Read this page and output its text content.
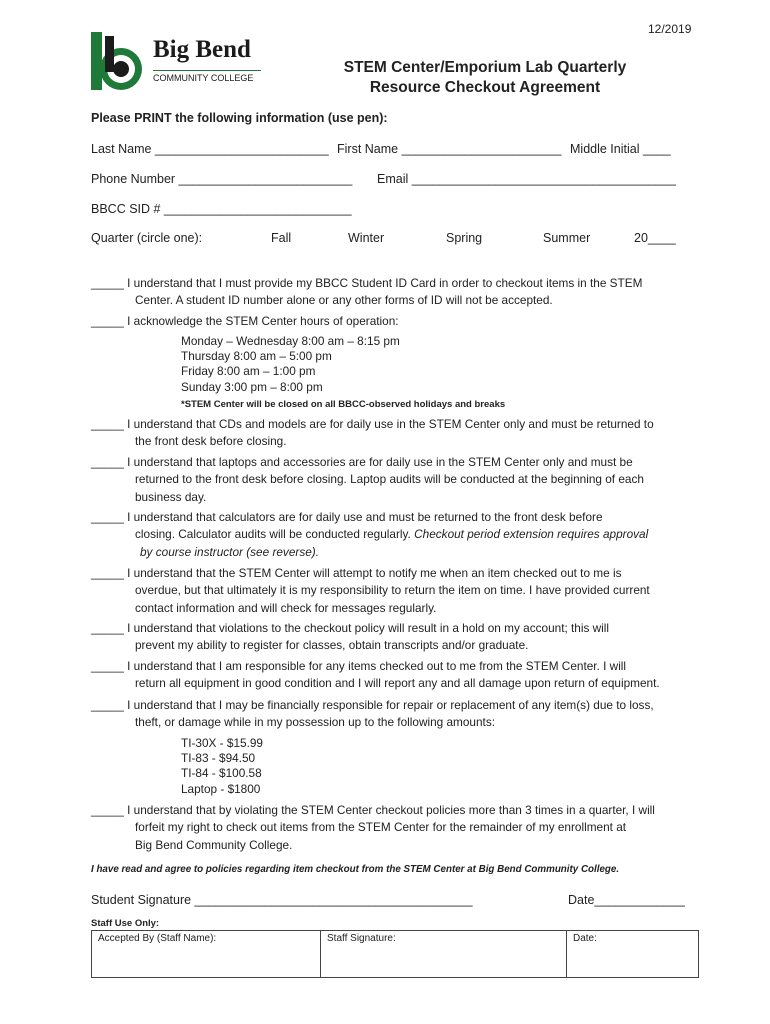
12/2019
Big Bend
COMMUNITY COLLEGE
STEM Center/Emporium Lab Quarterly
Resource Checkout Agreement
Please PRINT the following information (use pen):
Last Name _________________________ First Name _______________________ Middle Initial ____
Phone Number _________________________ Email ______________________________________
BBCC SID # ___________________________
Quarter (circle one):	Fall	Winter	Spring	Summer	20____
_____ I understand that I must provide my BBCC Student ID Card in order to checkout items in the STEM
Center. A student ID number alone or any other forms of ID will not be accepted.
_____ I acknowledge the STEM Center hours of operation:
Monday – Wednesday 8:00 am – 8:15 pm
Thursday 8:00 am – 5:00 pm
Friday 8:00 am – 1:00 pm
Sunday 3:00 pm – 8:00 pm
*STEM Center will be closed on all BBCC-observed holidays and breaks
_____ I understand that CDs and models are for daily use in the STEM Center only and must be returned to
the front desk before closing.
_____ I understand that laptops and accessories are for daily use in the STEM Center only and must be
returned to the front desk before closing. Laptop audits will be conducted at the beginning of each
business day.
_____ I understand that calculators are for daily use and must be returned to the front desk before
closing. Calculator audits will be conducted regularly. Checkout period extension requires approval
by course instructor (see reverse).
_____ I understand that the STEM Center will attempt to notify me when an item checked out to me is
overdue, but that ultimately it is my responsibility to return the item on time. I have provided current
contact information and will check for messages regularly.
_____ I understand that violations to the checkout policy will result in a hold on my account; this will
prevent my ability to register for classes, obtain transcripts and/or graduate.
_____ I understand that I am responsible for any items checked out to me from the STEM Center. I will
return all equipment in good condition and I will report any and all damage upon return of equipment.
_____ I understand that I may be financially responsible for repair or replacement of any item(s) due to loss,
theft, or damage while in my possession up to the following amounts:
TI-30X - $15.99
TI-83 - $94.50
TI-84 - $100.58
Laptop - $1800
_____ I understand that by violating the STEM Center checkout policies more than 3 times in a quarter, I will
forfeit my right to check out items from the STEM Center for the remainder of my enrollment at
Big Bend Community College.
I have read and agree to policies regarding item checkout from the STEM Center at Big Bend Community College.
Student Signature ________________________________________	Date_____________
Staff Use Only:
Accepted By (Staff Name):	Staff Signature:	Date:
